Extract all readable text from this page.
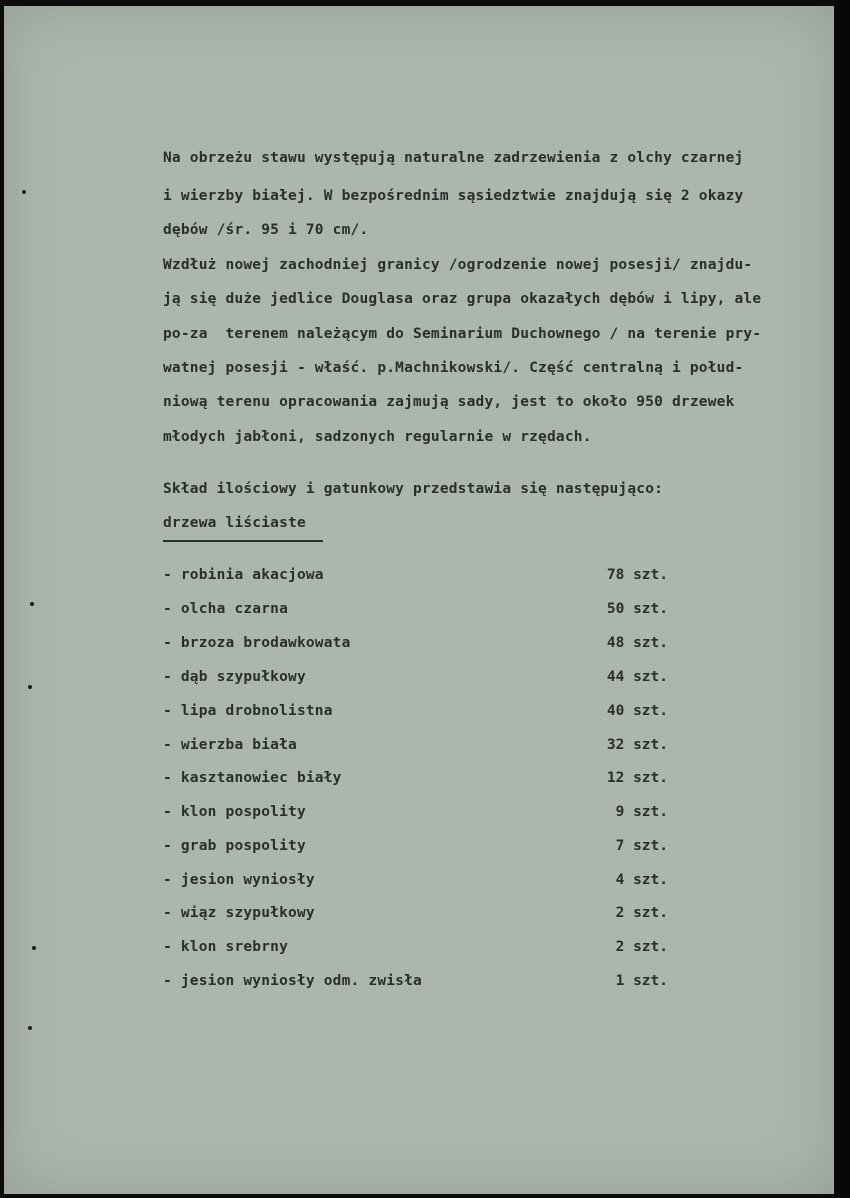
Na obrzeżu stawu występują naturalne zadrzewienia z olchy czarnej
i wierzby białej. W bezpośrednim sąsiedztwie znajdują się 2 okazy
dębów /śr. 95 i 70 cm/.
Wzdłuż nowej zachodniej granicy /ogrodzenie nowej posesji/ znajdu-
ją się duże jedlice Douglasa oraz grupa okazałych dębów i lipy, ale
po-za  terenem należącym do Seminarium Duchownego / na terenie pry-
watnej posesji - właść. p.Machnikowski/. Część centralną i połud-
niową terenu opracowania zajmują sady, jest to około 950 drzewek
młodych jabłoni, sadzonych regularnie w rzędach.
Skład ilościowy i gatunkowy przedstawia się następująco:
drzewa liściaste
- robinia akacjowa	78 szt.
- olcha czarna	50 szt.
- brzoza brodawkowata	48 szt.
- dąb szypułkowy	44 szt.
- lipa drobnolistna	40 szt.
- wierzba biała	32 szt.
- kasztanowiec biały	12 szt.
- klon pospolity	9 szt.
- grab pospolity	7 szt.
- jesion wyniosły	4 szt.
- wiąz szypułkowy	2 szt.
- klon srebrny	2 szt.
- jesion wyniosły odm. zwisła	1 szt.
